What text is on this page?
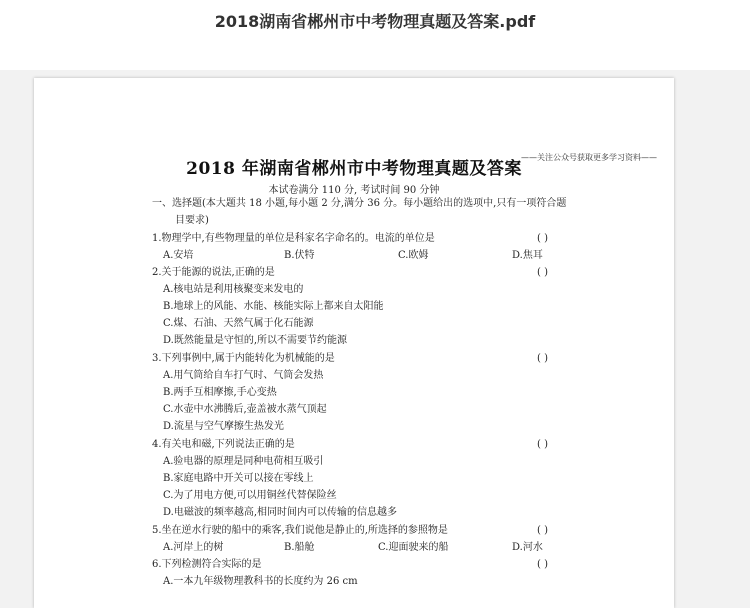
2018湖南省郴州市中考物理真题及答案.pdf
——关注公众号获取更多学习资料——
2018 年湖南省郴州市中考物理真题及答案
本试卷满分 110 分, 考试时间 90 分钟
一、选择题(本大题共 18 小题,每小题 2 分,满分 36 分。每小题给出的选项中,只有一项符合题
目要求)
1.物理学中,有些物理量的单位是科家名字命名的。电流的单位是	( )
A.安培	B.伏特	C.欧姆	D.焦耳
2.关于能源的说法,正确的是	( )
A.核电站是利用核聚变来发电的
B.地球上的风能、水能、核能实际上都来自太阳能
C.煤、石油、天然气属于化石能源
D.既然能量是守恒的,所以不需要节约能源
3.下列事例中,属于内能转化为机械能的是	( )
A.用气筒给自车打气时、气筒会发热
B.两手互相摩擦,手心变热
C.水壶中水沸腾后,壶盖被水蒸气顶起
D.流星与空气摩擦生热发光
4.有关电和磁,下列说法正确的是	( )
A.验电器的原理是同种电荷相互吸引
B.家庭电路中开关可以接在零线上
C.为了用电方便,可以用铜丝代替保险丝
D.电磁波的频率越高,相同时间内可以传输的信息越多
5.坐在逆水行驶的船中的乘客,我们说他是静止的,所选择的参照物是	( )
A.河岸上的树	B.船舱	C.迎面驶来的船	D.河水
6.下列检测符合实际的是	( )
A.一本九年级物理教科书的长度约为 26 cm
